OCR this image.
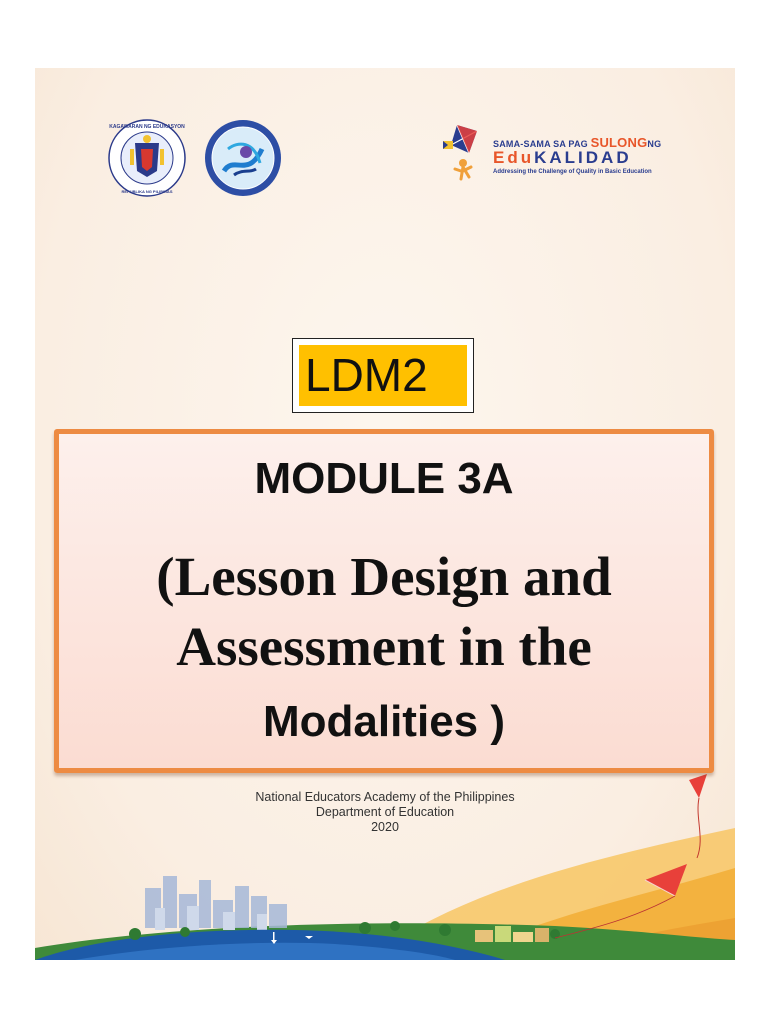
KAGAWARAN NG EDUKASYON
REPUBLIKA NG PILIPINAS
SAMA-SAMA SA PAG SULONGNG
EduKALIDAD
Addressing the Challenge of Quality in Basic Education
LDM2
MODULE 3A
(Lesson Design and
Assessment in the
Modalities )
National Educators Academy of the Philippines
Department of Education
2020
